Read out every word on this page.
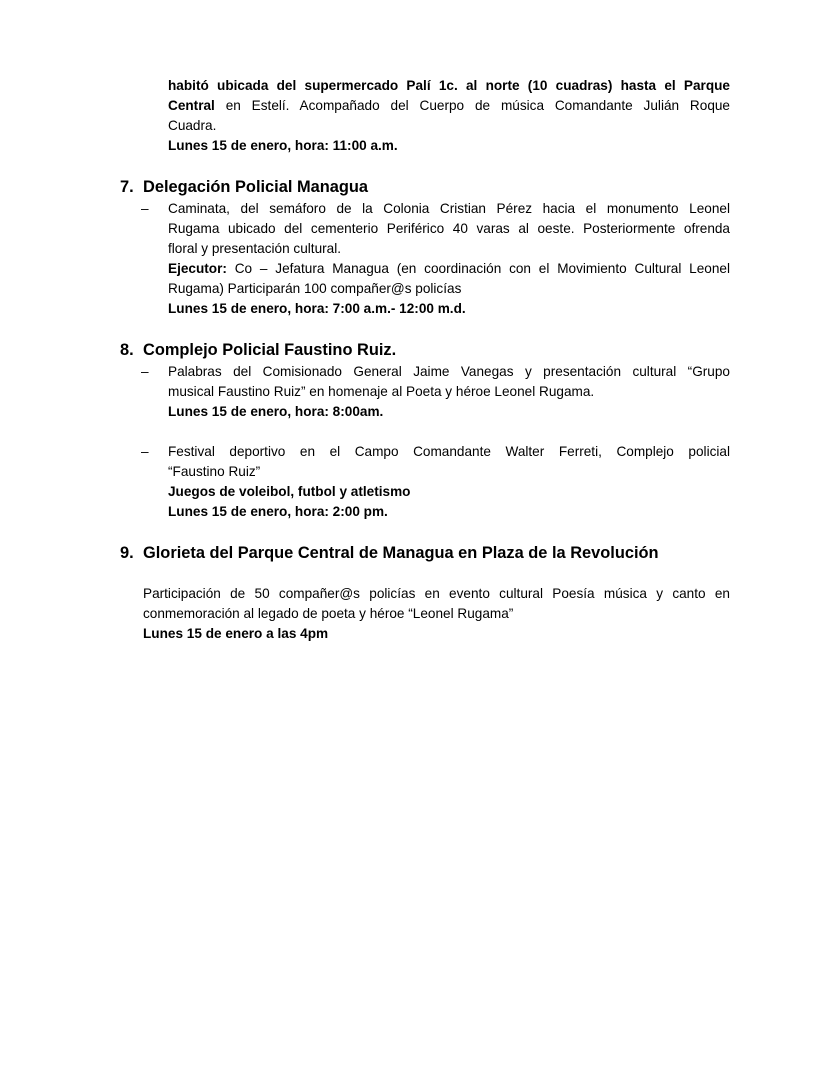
habitó ubicada del supermercado Palí 1c. al norte (10 cuadras) hasta el Parque
Central en Estelí. Acompañado del Cuerpo de música Comandante Julián Roque
Cuadra.
Lunes 15 de enero, hora: 11:00 a.m.
7. Delegación Policial Managua
– Caminata, del semáforo de la Colonia Cristian Pérez hacia el monumento Leonel
Rugama ubicado del cementerio Periférico 40 varas al oeste. Posteriormente ofrenda
floral y presentación cultural.
Ejecutor: Co – Jefatura Managua (en coordinación con el Movimiento Cultural Leonel
Rugama) Participarán 100 compañer@s policías
Lunes 15 de enero, hora: 7:00 a.m.- 12:00 m.d.
8. Complejo Policial Faustino Ruiz.
– Palabras del Comisionado General Jaime Vanegas y presentación cultural “Grupo
musical Faustino Ruiz” en homenaje al Poeta y héroe Leonel Rugama.
Lunes 15 de enero, hora: 8:00am.
– Festival deportivo en el Campo Comandante Walter Ferreti, Complejo policial
“Faustino Ruiz”
Juegos de voleibol, futbol y atletismo
Lunes 15 de enero, hora: 2:00 pm.
9. Glorieta del Parque Central de Managua en Plaza de la Revolución
Participación de 50 compañer@s policías en evento cultural Poesía música y canto en
conmemoración al legado de poeta y héroe “Leonel Rugama”
Lunes 15 de enero a las 4pm
